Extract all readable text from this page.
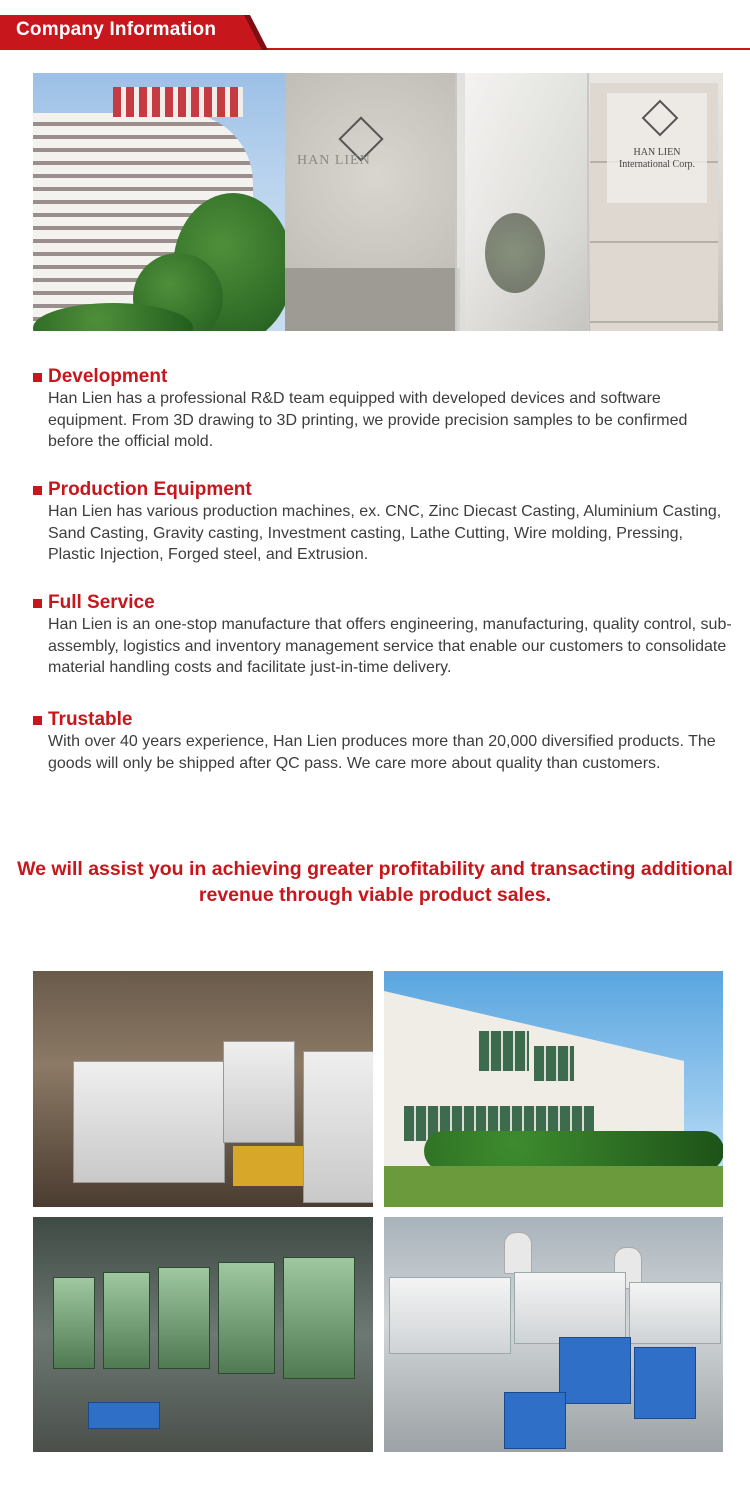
Company Information
HAN LIEN
HAN LIEN
International Corp.
Development

Han Lien has a professional R&D team equipped with developed devices and software equipment. From 3D drawing to 3D printing, we provide precision samples to be confirmed before the official mold.

Production Equipment

Han Lien has various production machines, ex. CNC, Zinc Diecast Casting, Aluminium Casting, Sand Casting, Gravity casting, Investment casting, Lathe Cutting, Wire molding, Pressing, Plastic Injection, Forged steel, and Extrusion.

Full Service

Han Lien is an one-stop manufacture that offers engineering, manufacturing, quality control, sub-assembly, logistics and inventory management service that enable our customers to consolidate material handling costs and facilitate just-in-time delivery.

Trustable

With over 40 years experience, Han Lien produces more than 20,000 diversified products. The goods will only be shipped after QC pass. We care more about quality than customers.

We will assist you in achieving greater profitability and transacting additional revenue through viable product sales.
